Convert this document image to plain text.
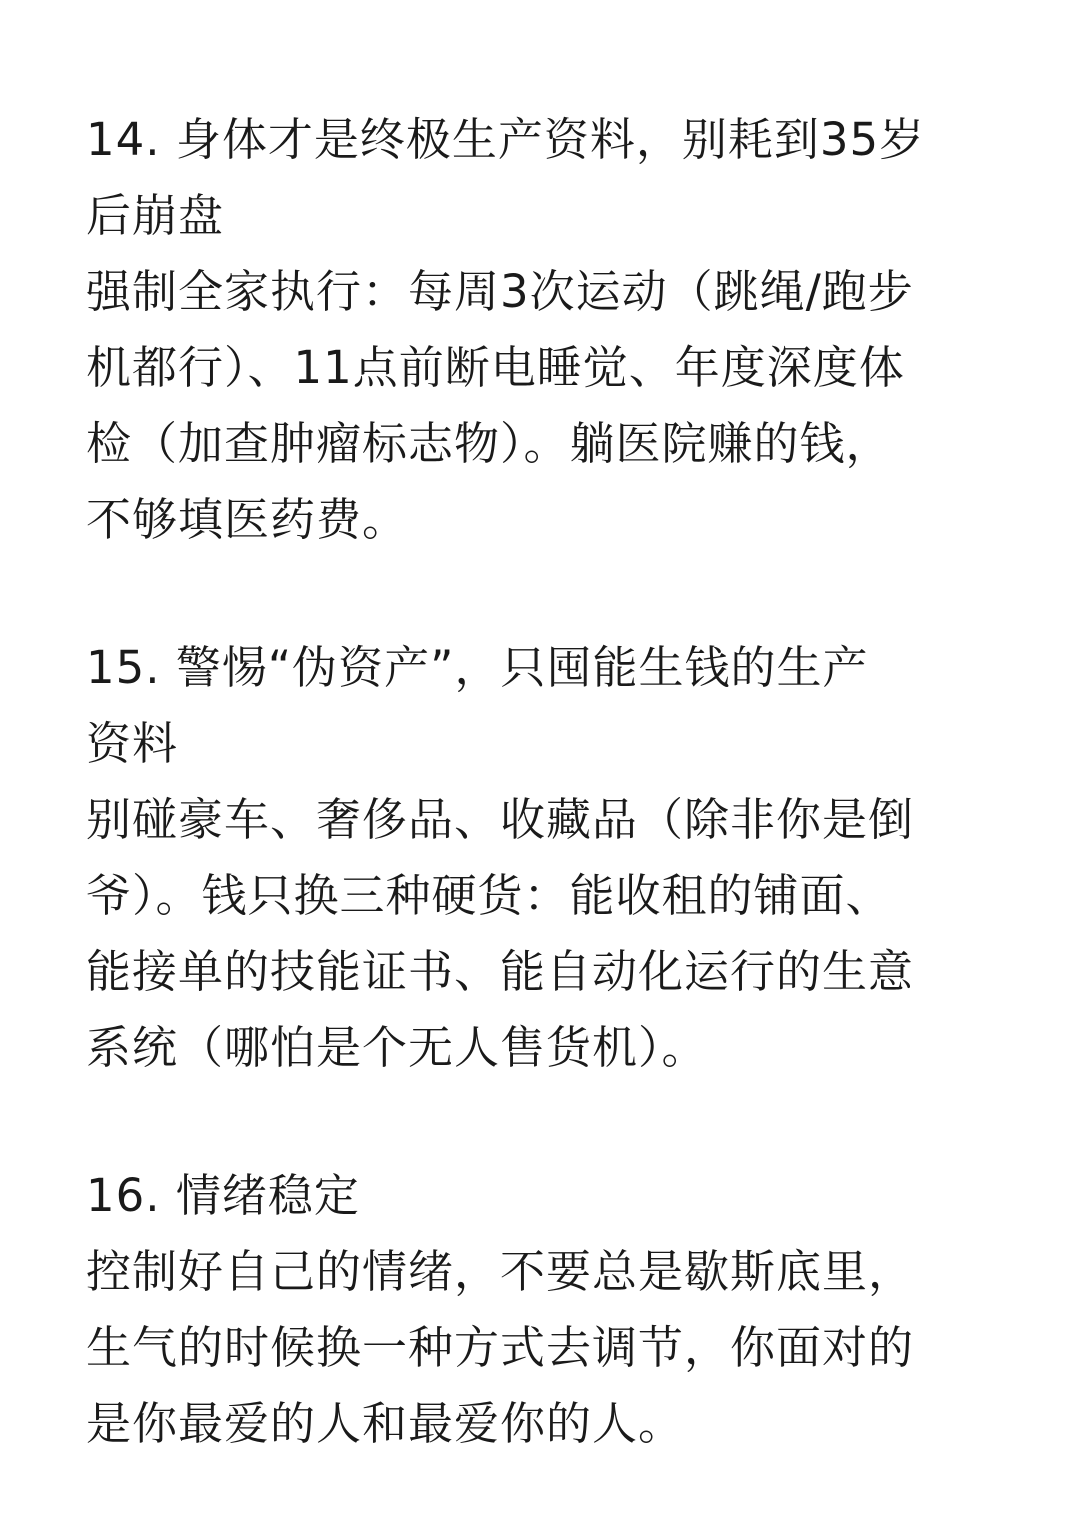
14. 身体才是终极生产资料，别耗到35岁

后崩盘

强制全家执行：每周3次运动（跳绳/跑步

机都行）、11点前断电睡觉、年度深度体

检（加查肿瘤标志物）。躺医院赚的钱，

不够填医药费。

15. 警惕“伪资产”，只囤能生钱的生产

资料

别碰豪车、奢侈品、收藏品（除非你是倒

爷）。钱只换三种硬货：能收租的铺面、

能接单的技能证书、能自动化运行的生意

系统（哪怕是个无人售货机）。

16. 情绪稳定

控制好自己的情绪，不要总是歇斯底里，

生气的时候换一种方式去调节，你面对的

是你最爱的人和最爱你的人。
